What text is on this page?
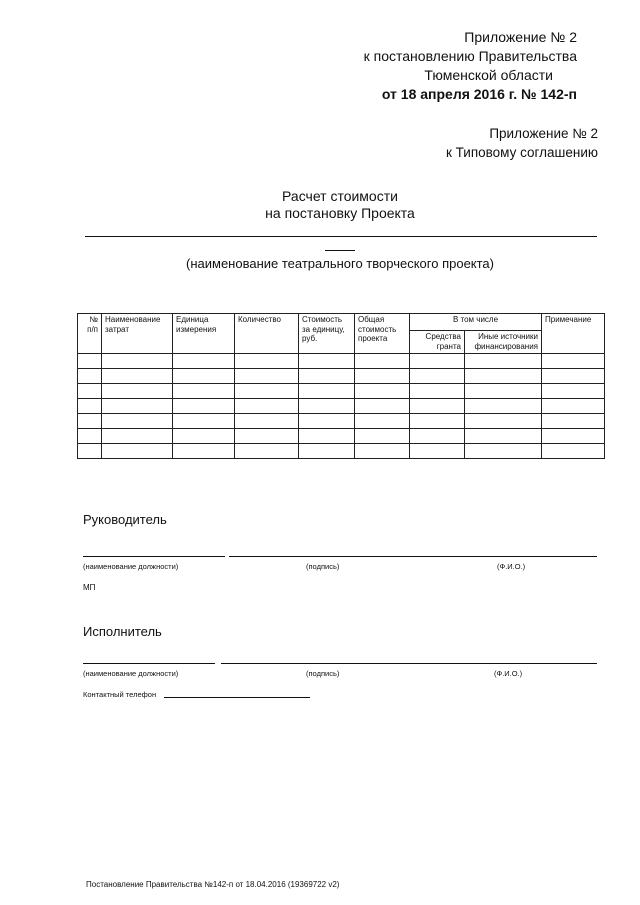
Приложение № 2
к постановлению Правительства
Тюменской области
от 18 апреля 2016 г. № 142-п
Приложение № 2
к Типовому соглашению
Расчет стоимости
на постановку Проекта
(наименование театрального творческого проекта)
№ п/п	Наименование затрат	Единица измерения	Количество	Стоимость за единицу, руб.	Общая стоимость проекта	В том числе		Примечание
						Средства гранта	Иные источники финансирования	

Руководитель
(наименование должности)	(подпись)	(Ф.И.О.)
МП
Исполнитель
(наименование должности)	(подпись)	(Ф.И.О.)
Контактный телефон
Постановление Правительства №142-п от 18.04.2016 (19369722 v2)
